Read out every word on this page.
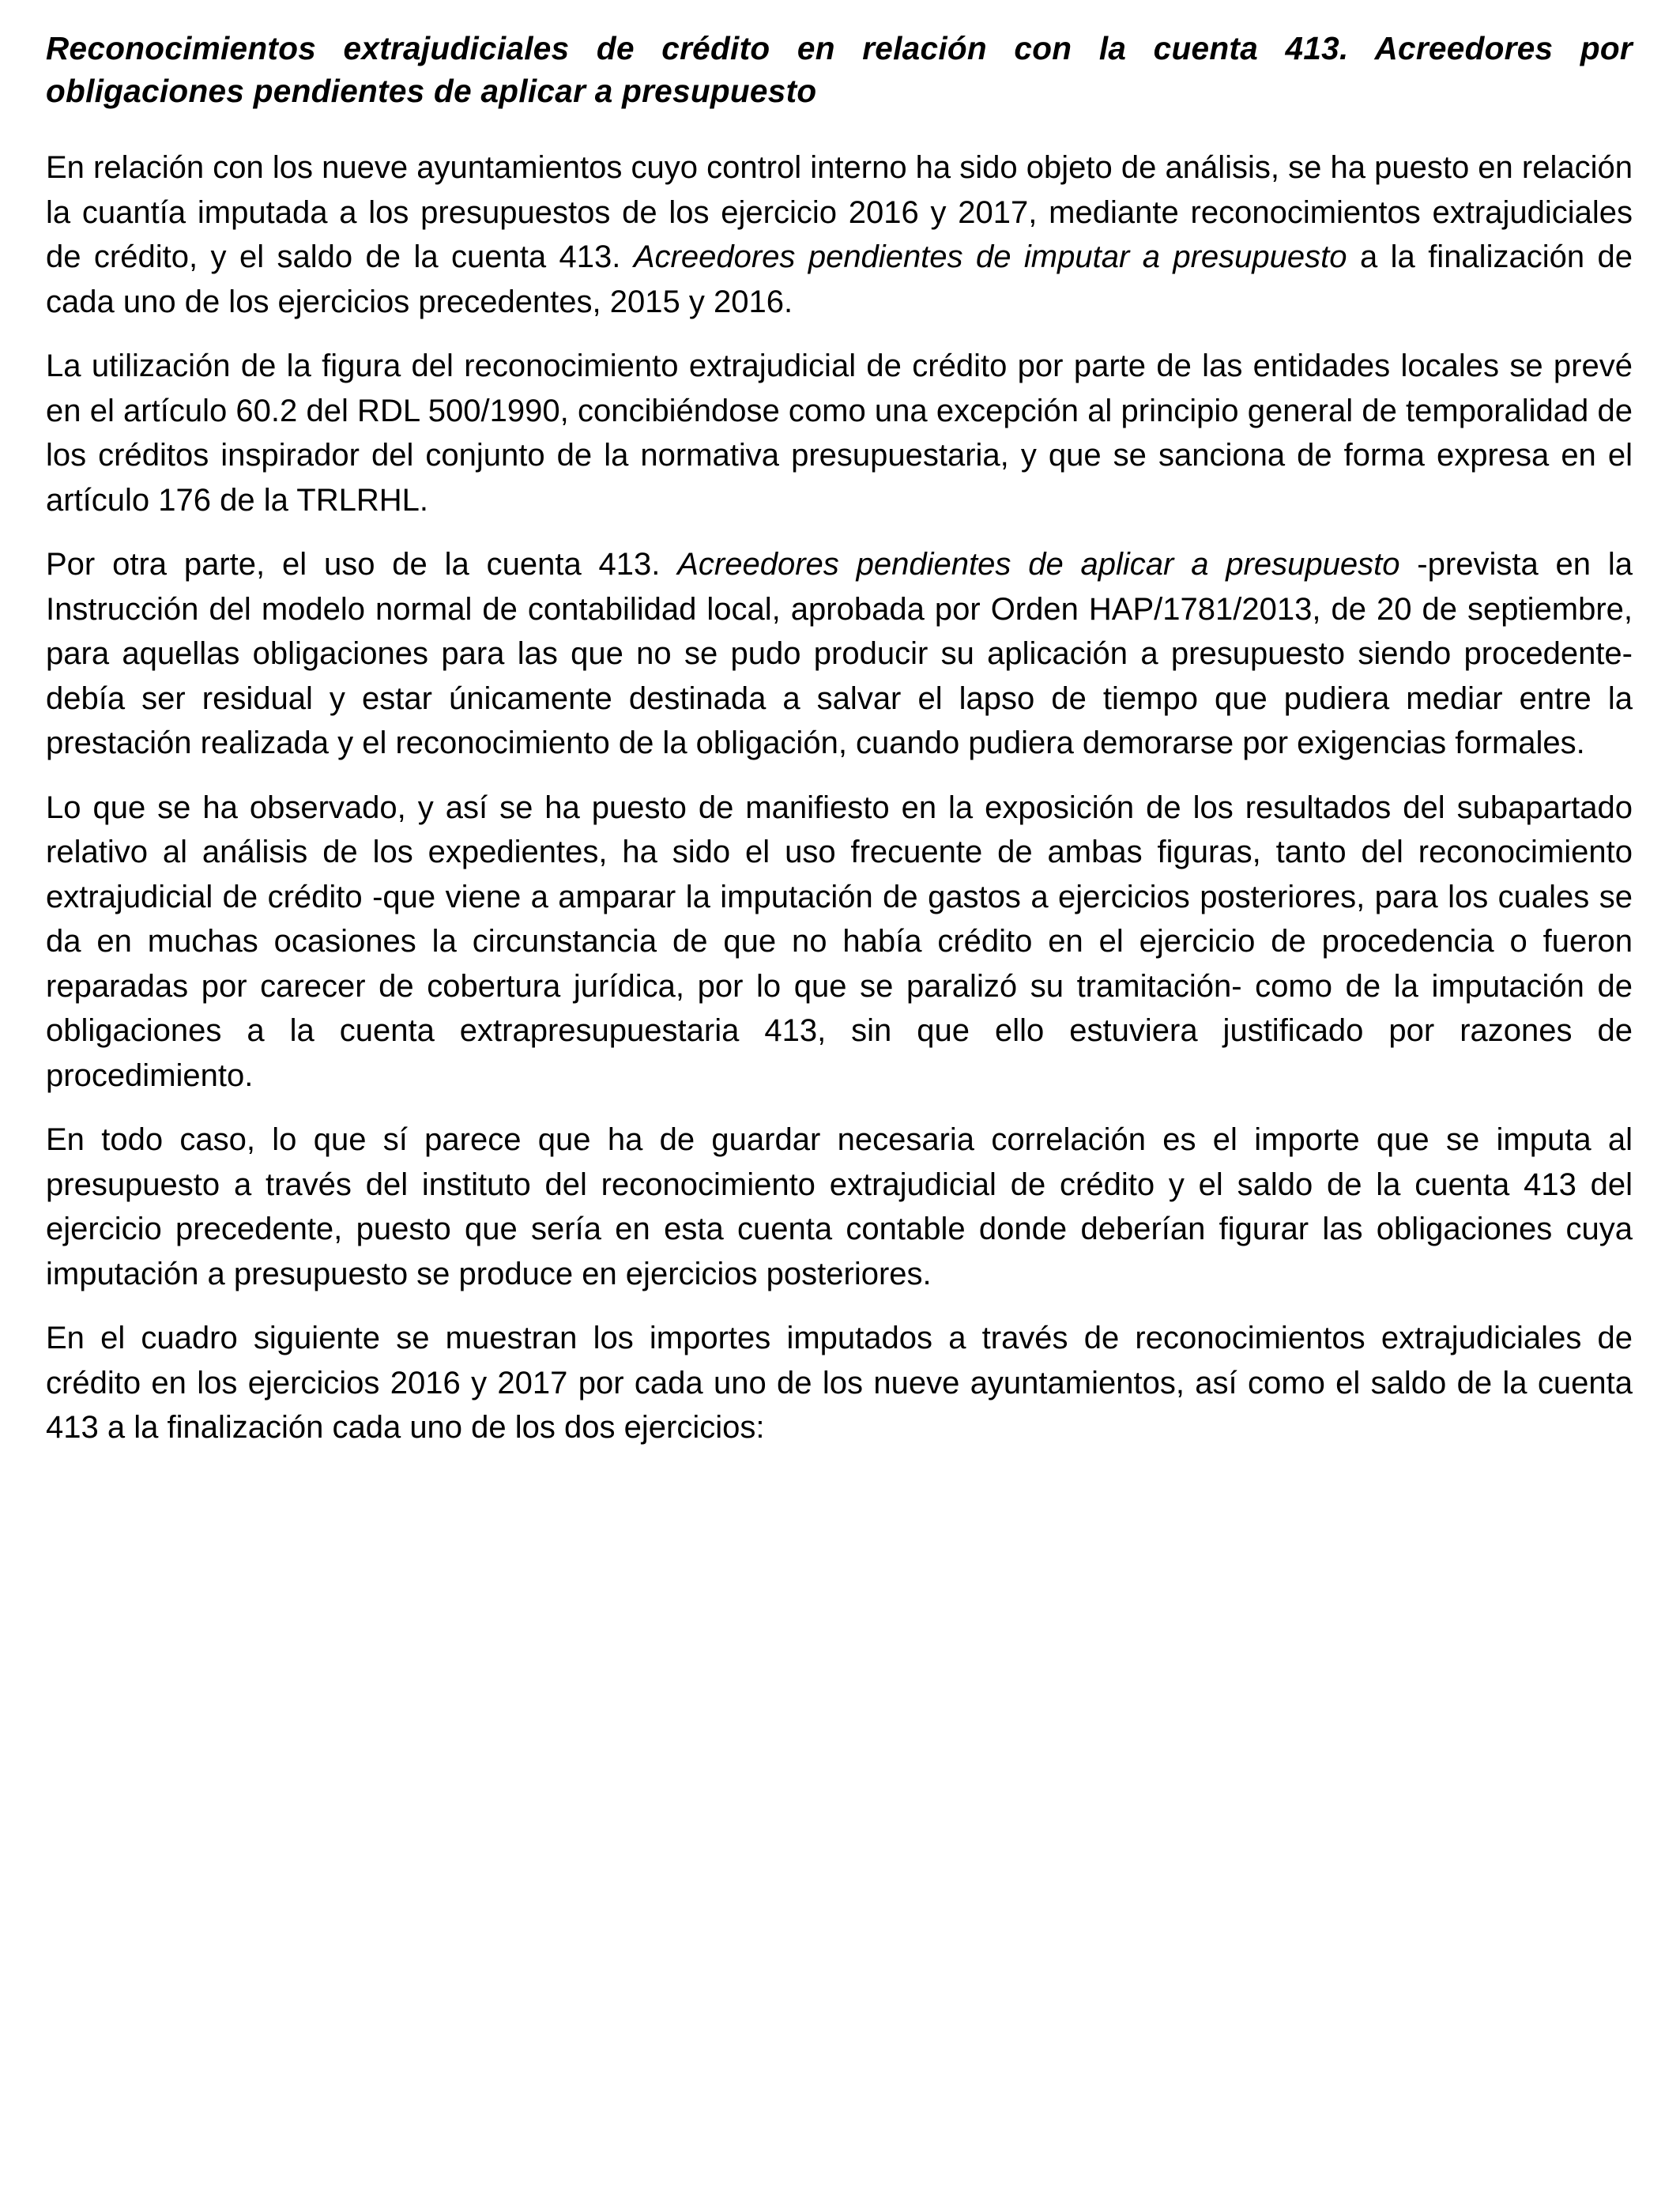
Reconocimientos extrajudiciales de crédito en relación con la cuenta 413. Acreedores por obligaciones pendientes de aplicar a presupuesto

En relación con los nueve ayuntamientos cuyo control interno ha sido objeto de análisis, se ha puesto en relación la cuantía imputada a los presupuestos de los ejercicio 2016 y 2017, mediante reconocimientos extrajudiciales de crédito, y el saldo de la cuenta 413. Acreedores pendientes de imputar a presupuesto a la finalización de cada uno de los ejercicios precedentes, 2015 y 2016.

La utilización de la figura del reconocimiento extrajudicial de crédito por parte de las entidades locales se prevé en el artículo 60.2 del RDL 500/1990, concibiéndose como una excepción al principio general de temporalidad de los créditos inspirador del conjunto de la normativa presupuestaria, y que se sanciona de forma expresa en el artículo 176 de la TRLRHL.

Por otra parte, el uso de la cuenta 413. Acreedores pendientes de aplicar a presupuesto -prevista en la Instrucción del modelo normal de contabilidad local, aprobada por Orden HAP/1781/2013, de 20 de septiembre, para aquellas obligaciones para las que no se pudo producir su aplicación a presupuesto siendo procedente- debía ser residual y estar únicamente destinada a salvar el lapso de tiempo que pudiera mediar entre la prestación realizada y el reconocimiento de la obligación, cuando pudiera demorarse por exigencias formales.

Lo que se ha observado, y así se ha puesto de manifiesto en la exposición de los resultados del subapartado relativo al análisis de los expedientes, ha sido el uso frecuente de ambas figuras, tanto del reconocimiento extrajudicial de crédito -que viene a amparar la imputación de gastos a ejercicios posteriores, para los cuales se da en muchas ocasiones la circunstancia de que no había crédito en el ejercicio de procedencia o fueron reparadas por carecer de cobertura jurídica, por lo que se paralizó su tramitación- como de la imputación de obligaciones a la cuenta extrapresupuestaria 413, sin que ello estuviera justificado por razones de procedimiento.

En todo caso, lo que sí parece que ha de guardar necesaria correlación es el importe que se imputa al presupuesto a través del instituto del reconocimiento extrajudicial de crédito y el saldo de la cuenta 413 del ejercicio precedente, puesto que sería en esta cuenta contable donde deberían figurar las obligaciones cuya imputación a presupuesto se produce en ejercicios posteriores.

En el cuadro siguiente se muestran los importes imputados a través de reconocimientos extrajudiciales de crédito en los ejercicios 2016 y 2017 por cada uno de los nueve ayuntamientos, así como el saldo de la cuenta 413 a la finalización cada uno de los dos ejercicios:
